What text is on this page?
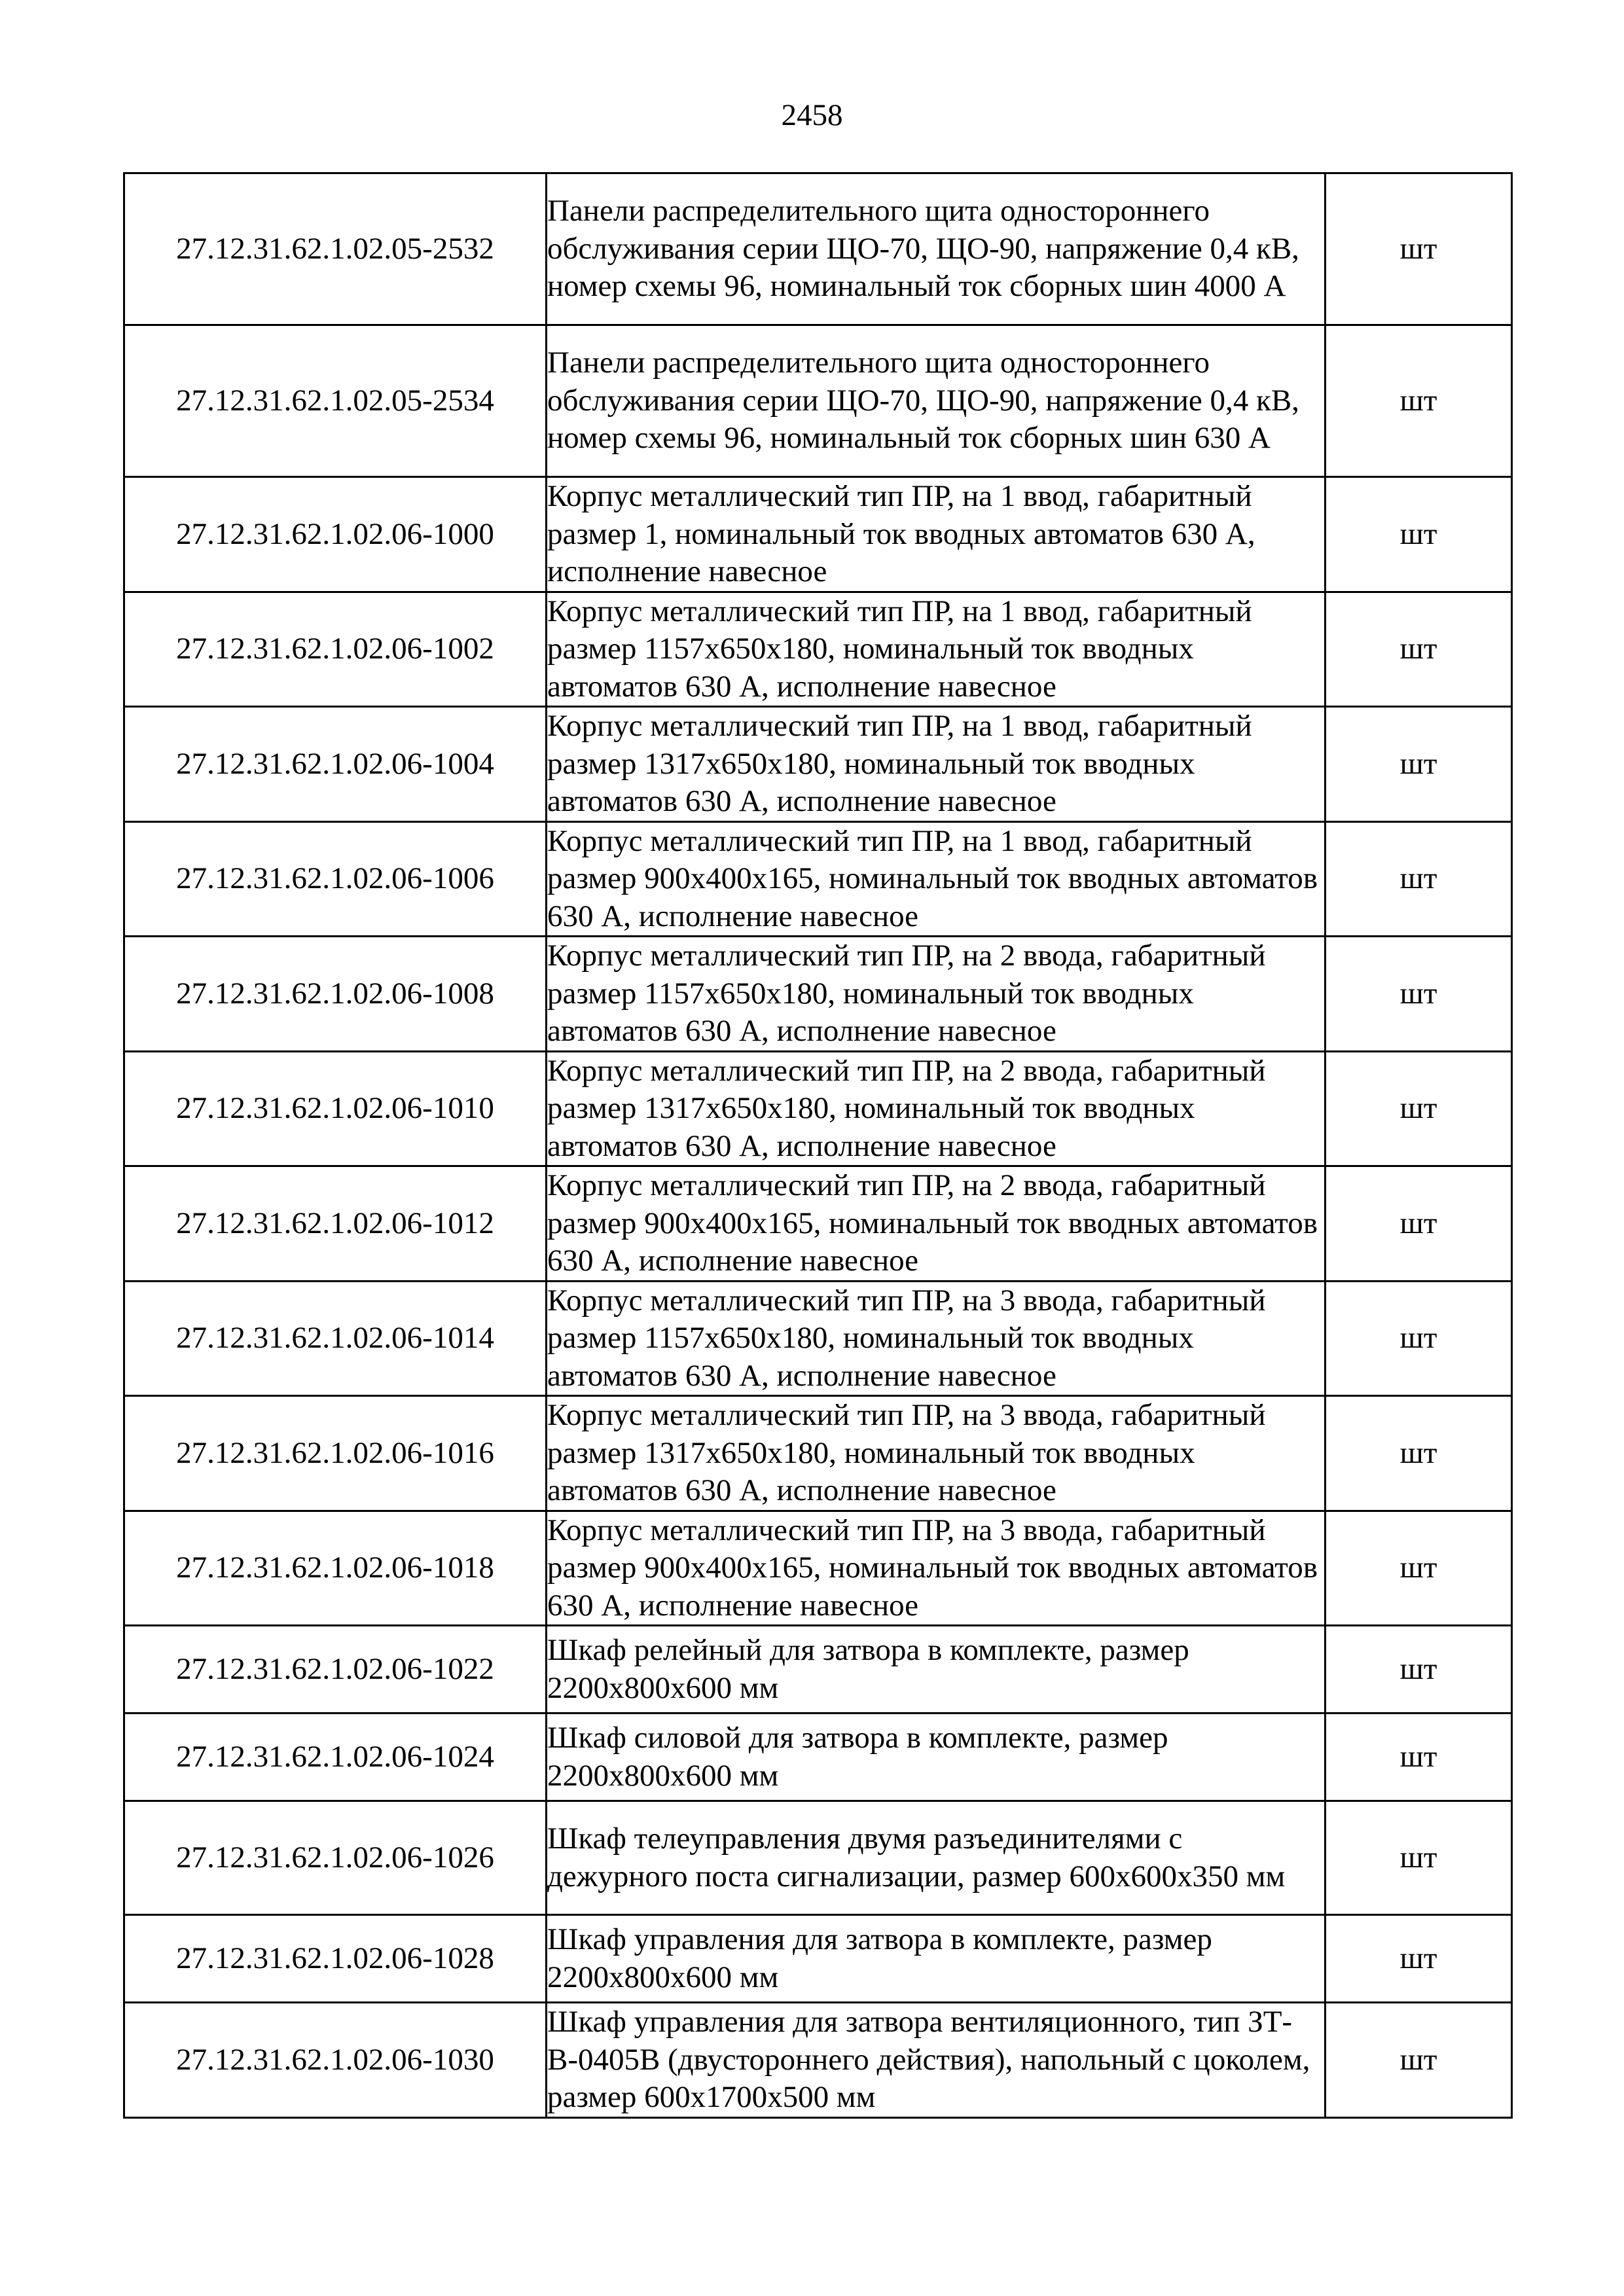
2458
27.12.31.62.1.02.05-2532	Панели распределительного щита одностороннего обслуживания серии ЩО-70, ЩО-90, напряжение 0,4 кВ, номер схемы 96, номинальный ток сборных шин 4000 А	шт
27.12.31.62.1.02.05-2534	Панели распределительного щита одностороннего обслуживания серии ЩО-70, ЩО-90, напряжение 0,4 кВ, номер схемы 96, номинальный ток сборных шин 630 А	шт
27.12.31.62.1.02.06-1000	Корпус металлический тип ПР, на 1 ввод, габаритный размер 1, номинальный ток вводных автоматов 630 А, исполнение навесное	шт
27.12.31.62.1.02.06-1002	Корпус металлический тип ПР, на 1 ввод, габаритный размер 1157х650х180, номинальный ток вводных автоматов 630 А, исполнение навесное	шт
27.12.31.62.1.02.06-1004	Корпус металлический тип ПР, на 1 ввод, габаритный размер 1317х650х180, номинальный ток вводных автоматов 630 А, исполнение навесное	шт
27.12.31.62.1.02.06-1006	Корпус металлический тип ПР, на 1 ввод, габаритный размер 900х400х165, номинальный ток вводных автоматов 630 А, исполнение навесное	шт
27.12.31.62.1.02.06-1008	Корпус металлический тип ПР, на 2 ввода, габаритный размер 1157х650х180, номинальный ток вводных автоматов 630 А, исполнение навесное	шт
27.12.31.62.1.02.06-1010	Корпус металлический тип ПР, на 2 ввода, габаритный размер 1317х650х180, номинальный ток вводных автоматов 630 А, исполнение навесное	шт
27.12.31.62.1.02.06-1012	Корпус металлический тип ПР, на 2 ввода, габаритный размер 900х400х165, номинальный ток вводных автоматов 630 А, исполнение навесное	шт
27.12.31.62.1.02.06-1014	Корпус металлический тип ПР, на 3 ввода, габаритный размер 1157х650х180, номинальный ток вводных автоматов 630 А, исполнение навесное	шт
27.12.31.62.1.02.06-1016	Корпус металлический тип ПР, на 3 ввода, габаритный размер 1317х650х180, номинальный ток вводных автоматов 630 А, исполнение навесное	шт
27.12.31.62.1.02.06-1018	Корпус металлический тип ПР, на 3 ввода, габаритный размер 900х400х165, номинальный ток вводных автоматов 630 А, исполнение навесное	шт
27.12.31.62.1.02.06-1022	Шкаф релейный для затвора в комплекте, размер 2200х800х600 мм	шт
27.12.31.62.1.02.06-1024	Шкаф силовой для затвора в комплекте, размер 2200х800х600 мм	шт
27.12.31.62.1.02.06-1026	Шкаф телеуправления двумя разъединителями с дежурного поста сигнализации, размер 600х600х350 мм	шт
27.12.31.62.1.02.06-1028	Шкаф управления для затвора в комплекте, размер 2200х800х600 мм	шт
27.12.31.62.1.02.06-1030	Шкаф управления для затвора вентиляционного, тип ЗТ-В-0405В (двустороннего действия), напольный с цоколем, размер 600х1700х500 мм	шт
